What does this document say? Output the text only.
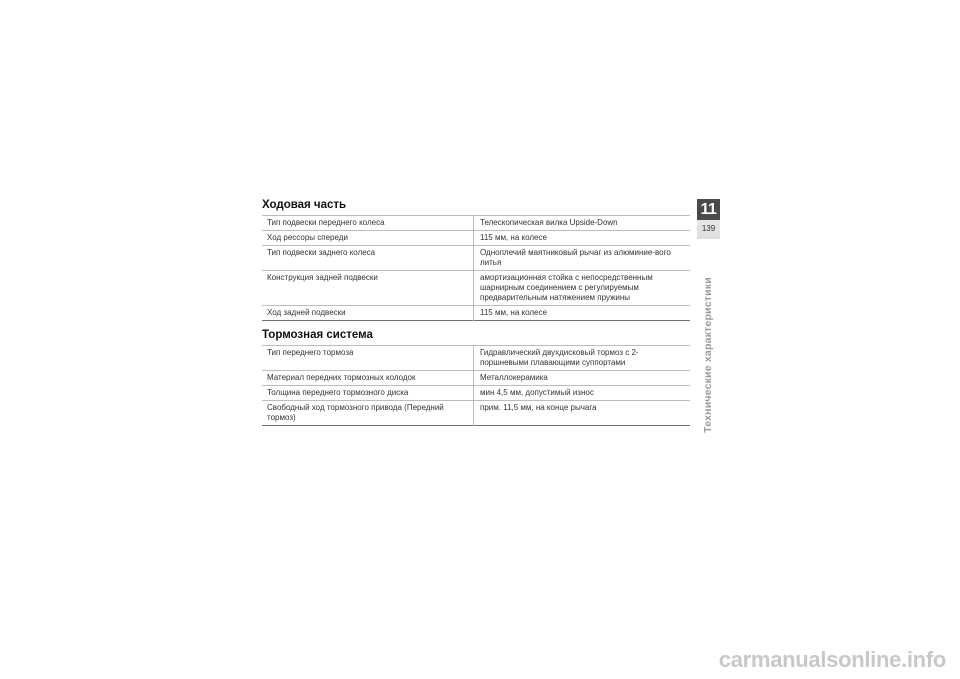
Ходовая часть
Тип подвески переднего колеса	Телескопическая вилка Upside-Down
Ход рессоры спереди	115 мм, на колесе
Тип подвески заднего колеса	Одноплечий маятниковый рычаг из алюминие-вого литья
Конструкция задней подвески	амортизационная стойка с непосредственным шарнирным соединением с регулируемым предварительным натяжением пружины
Ход задней подвески	115 мм, на колесе
Тормозная система
Тип переднего тормоза	Гидравлический двухдисковый тормоз с 2-поршневыми плавающими суппортами
Материал передних тормозных колодок	Металлокерамика
Толщина переднего тормозного диска	мин 4,5 мм, допустимый износ
Свободный ход тормозного привода (Передний тормоз)	прим. 11,5 мм, на конце рычага
11
139
Технические характеристики
carmanualsonline.info
